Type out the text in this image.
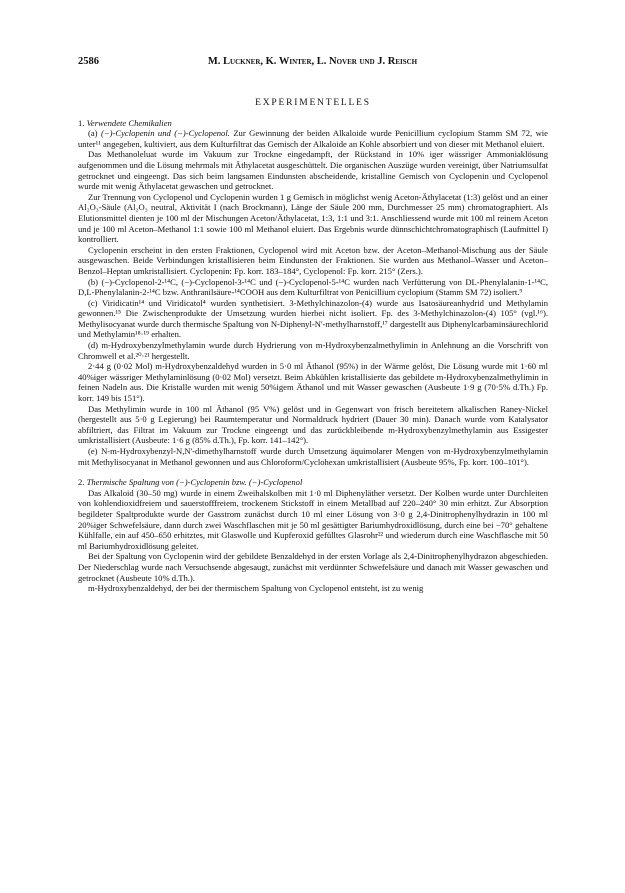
2586	M. Luckner, K. Winter, L. Nover und J. Reisch
EXPERIMENTELLES
1. Verwendete Chemikalien

(a) (−)-Cyclopenin und (−)-Cyclopenol. Zur Gewinnung der beiden Alkaloide wurde Penicillium cyclopium Stamm SM 72, wie unter¹¹ angegeben, kultiviert, aus dem Kulturfiltrat das Gemisch der Alkaloide an Kohle absorbiert und von dieser mit Methanol eluiert.

Das Methanoleluat wurde im Vakuum zur Trockne eingedampft, der Rückstand in 10% iger wässriger Ammoniaklösung aufgenommen und die Lösung mehrmals mit Äthylacetat ausgeschüttelt. Die organischen Auszüge wurden vereinigt, über Natriumsulfat getrocknet und eingeengt. Das sich beim langsamen Eindunsten abscheidende, kristalline Gemisch von Cyclopenin und Cyclopenol wurde mit wenig Äthylacetat gewaschen und getrocknet.

Zur Trennung von Cyclopenol und Cyclopenin wurden 1 g Gemisch in möglichst wenig Aceton-Äthylacetat (1:3) gelöst und an einer Al₂O₃-Säule (Al₂O₃ neutral, Aktivität I (nach Brockmann), Länge der Säule 200 mm, Durchmesser 25 mm) chromatographiert. Als Elutionsmittel dienten je 100 ml der Mischungen Aceton/Äthylacetat, 1:3, 1:1 und 3:1. Anschliessend wurde mit 100 ml reinem Aceton und je 100 ml Aceton–Methanol 1:1 sowie 100 ml Methanol eluiert. Das Ergebnis wurde dünnschichtchromatographisch (Laufmittel I) kontrolliert.

Cyclopenin erscheint in den ersten Fraktionen, Cyclopenol wird mit Aceton bzw. der Aceton–Methanol-Mischung aus der Säule ausgewaschen. Beide Verbindungen kristallisieren beim Eindunsten der Fraktionen. Sie wurden aus Methanol–Wasser und Aceton–Benzol–Heptan umkristallisiert. Cyclopenin: Fp. korr. 183–184°, Cyclopenol: Fp. korr. 215° (Zers.).

(b) (−)-Cyclopenol-2-¹⁴C, (−)-Cyclopenol-3-¹⁴C und (−)-Cyclopenol-5-¹⁴C wurden nach Verfütterung von DL-Phenylalanin-1-¹⁴C, D,L-Phenylalanin-2-¹⁴C bzw. Anthranilsäure-¹⁴COOH aus dem Kulturfiltrat von Penicillium cyclopium (Stamm SM 72) isoliert.⁹

(c) Viridicatin¹⁴ und Viridicatol⁴ wurden synthetisiert. 3-Methylchinazolon-(4) wurde aus Isatosäureanhydrid und Methylamin gewonnen.¹⁵ Die Zwischenprodukte der Umsetzung wurden hierbei nicht isoliert. Fp. des 3-Methylchinazolon-(4) 105° (vgl.¹⁶). Methylisocyanat wurde durch thermische Spaltung von N-Diphenyl-N'-methylharnstoff,¹⁷ dargestellt aus Diphenylcarbaminsäurechlorid und Methylamin¹⁸·¹⁹ erhalten.

(d) m-Hydroxybenzylmethylamin wurde durch Hydrierung von m-Hydroxybenzalmethylimin in Anlehnung an die Vorschrift von Chromwell et al.²⁰·²¹ hergestellt.

2·44 g (0·02 Mol) m-Hydroxybenzaldehyd wurden in 5·0 ml Äthanol (95%) in der Wärme gelöst, Die Lösung wurde mit 1·60 ml 40%iger wässriger Methylaminlösung (0·02 Mol) versetzt. Beim Abkühlen kristallisierte das gebildete m-Hydroxybenzalmethylimin in feinen Nadeln aus. Die Kristalle wurden mit wenig 50%igem Äthanol und mit Wasser gewaschen (Ausbeute 1·9 g (70·5% d.Th.) Fp. korr. 149 bis 151°).

Das Methylimin wurde in 100 ml Äthanol (95 V%) gelöst und in Gegenwart von frisch bereitetem alkalischen Raney-Nickel (hergestellt aus 5·0 g Legierung) bei Raumtemperatur und Normaldruck hydriert (Dauer 30 min). Danach wurde vom Katalysator abfiltriert, das Filtrat im Vakuum zur Trockne eingeengt und das zurückbleibende m-Hydroxybenzylmethylamin aus Essigester umkristallisiert (Ausbeute: 1·6 g (85% d.Th.), Fp. korr. 141–142°).

(e) N-m-Hydroxybenzyl-N,N'-dimethylharnstoff wurde durch Umsetzung äquimolarer Mengen von m-Hydroxybenzylmethylamin mit Methylisocyanat in Methanol gewonnen und aus Chloroform/Cyclohexan umkristallisiert (Ausbeute 95%, Fp. korr. 100–101°).

2. Thermische Spaltung von (−)-Cyclopenin bzw. (−)-Cyclopenol

Das Alkaloid (30–50 mg) wurde in einem Zweihalskolben mit 1·0 ml Diphenyläther versetzt. Der Kolben wurde unter Durchleiten von kohlendioxidfreiem und sauerstofffreiem, trockenem Stickstoff in einem Metallbad auf 220–240° 30 min erhitzt. Zur Absorption begildeter Spaltprodukte wurde der Gasstrom zunächst durch 10 ml einer Lösung von 3·0 g 2,4-Dinitrophenylhydrazin in 100 ml 20%iger Schwefelsäure, dann durch zwei Waschflaschen mit je 50 ml gesättigter Bariumhydroxidlösung, durch eine bei −70° gehaltene Kühlfalle, ein auf 450–650 erhitztes, mit Glaswolle und Kupferoxid gefülltes Glasrohr²² und wiederum durch eine Waschflasche mit 50 ml Bariumhydroxidlösung geleitet.

Bei der Spaltung von Cyclopenin wird der gebildete Benzaldehyd in der ersten Vorlage als 2,4-Dinitrophenylhydrazon abgeschieden. Der Niederschlag wurde nach Versuchsende abgesaugt, zunächst mit verdünnter Schwefelsäure und danach mit Wasser gewaschen und getrocknet (Ausbeute 10% d.Th.).

m-Hydroxybenzaldehyd, der bei der thermischem Spaltung von Cyclopenol entsteht, ist zu wenig
